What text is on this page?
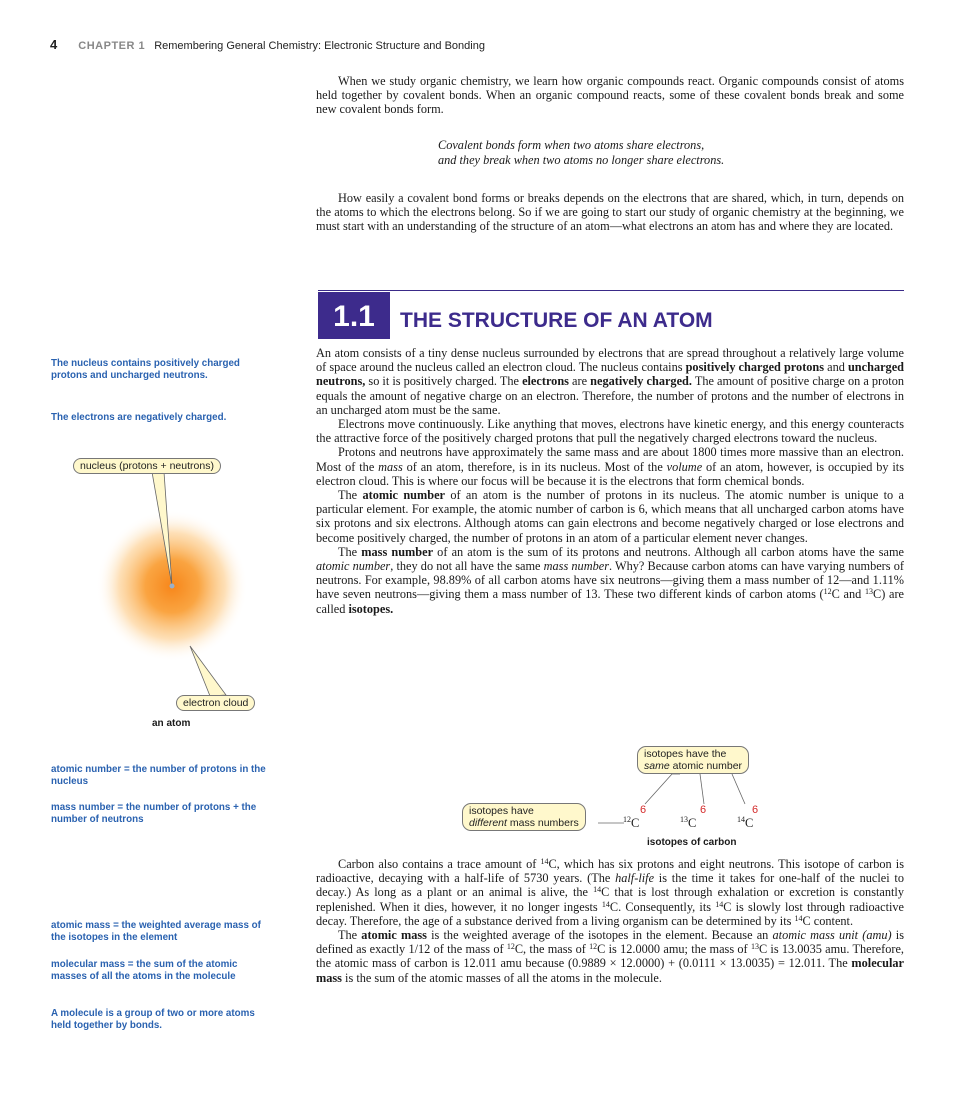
4 CHAPTER 1 Remembering General Chemistry: Electronic Structure and Bonding

When we study organic chemistry, we learn how organic compounds react. Organic compounds consist of atoms held together by covalent bonds. When an organic compound reacts, some of these covalent bonds break and some new covalent bonds form.

Covalent bonds form when two atoms share electrons,
and they break when two atoms no longer share electrons.

How easily a covalent bond forms or breaks depends on the electrons that are shared, which, in turn, depends on the atoms to which the electrons belong. So if we are going to start our study of organic chemistry at the beginning, we must start with an understanding of the structure of an atom—what electrons an atom has and where they are located.

1.1	THE STRUCTURE OF AN ATOM

An atom consists of a tiny dense nucleus surrounded by electrons that are spread throughout a relatively large volume of space around the nucleus called an electron cloud. The nucleus contains positively charged protons and uncharged neutrons, so it is positively charged. The electrons are negatively charged. The amount of positive charge on a proton equals the amount of negative charge on an electron. Therefore, the number of protons and the number of electrons in an uncharged atom must be the same.

Electrons move continuously. Like anything that moves, electrons have kinetic energy, and this energy counteracts the attractive force of the positively charged protons that pull the negatively charged electrons toward the nucleus.

Protons and neutrons have approximately the same mass and are about 1800 times more massive than an electron. Most of the mass of an atom, therefore, is in its nucleus. Most of the volume of an atom, however, is occupied by its electron cloud. This is where our focus will be because it is the electrons that form chemical bonds.

The atomic number of an atom is the number of protons in its nucleus. The atomic number is unique to a particular element. For example, the atomic number of carbon is 6, which means that all uncharged carbon atoms have six protons and six electrons. Although atoms can gain electrons and become negatively charged or lose electrons and become positively charged, the number of protons in an atom of a particular element never changes.

The mass number of an atom is the sum of its protons and neutrons. Although all carbon atoms have the same atomic number, they do not all have the same mass number. Why? Because carbon atoms can have varying numbers of neutrons. For example, 98.89% of all carbon atoms have six neutrons—giving them a mass number of 12—and 1.11% have seven neutrons—giving them a mass number of 13. These two different kinds of carbon atoms ($^{12}$C and $^{13}$C) are called isotopes.

Carbon also contains a trace amount of $^{14}$C, which has six protons and eight neutrons. This isotope of carbon is radioactive, decaying with a half-life of 5730 years. (The half-life is the time it takes for one-half of the nuclei to decay.) As long as a plant or an animal is alive, the $^{14}$C that is lost through exhalation or excretion is constantly replenished. When it dies, however, it no longer ingests $^{14}$C. Consequently, its $^{14}$C is slowly lost through radioactive decay. Therefore, the age of a substance derived from a living organism can be determined by its $^{14}$C content.

The atomic mass is the weighted average of the isotopes in the element. Because an atomic mass unit (amu) is defined as exactly 1/12 of the mass of $^{12}$C, the mass of $^{12}$C is 12.0000 amu; the mass of $^{13}$C is 13.0035 amu. Therefore, the atomic mass of carbon is 12.011 amu because (0.9889 × 12.0000) + (0.0111 × 13.0035) = 12.011. The molecular mass is the sum of the atomic masses of all the atoms in the molecule.

The nucleus contains positively charged protons and uncharged neutrons.
The electrons are negatively charged.
atomic number = the number of protons in the nucleus
mass number = the number of protons + the number of neutrons
atomic mass = the weighted average mass of the isotopes in the element
molecular mass = the sum of the atomic masses of all the atoms in the molecule
A molecule is a group of two or more atoms held together by bonds.
nucleus (protons + neutrons)
electron cloud
an atom
isotopes have the
same atomic number
isotopes have
different mass numbers
6	6	6
$^{12}$C	$^{13}$C	$^{14}$C
isotopes of carbon
